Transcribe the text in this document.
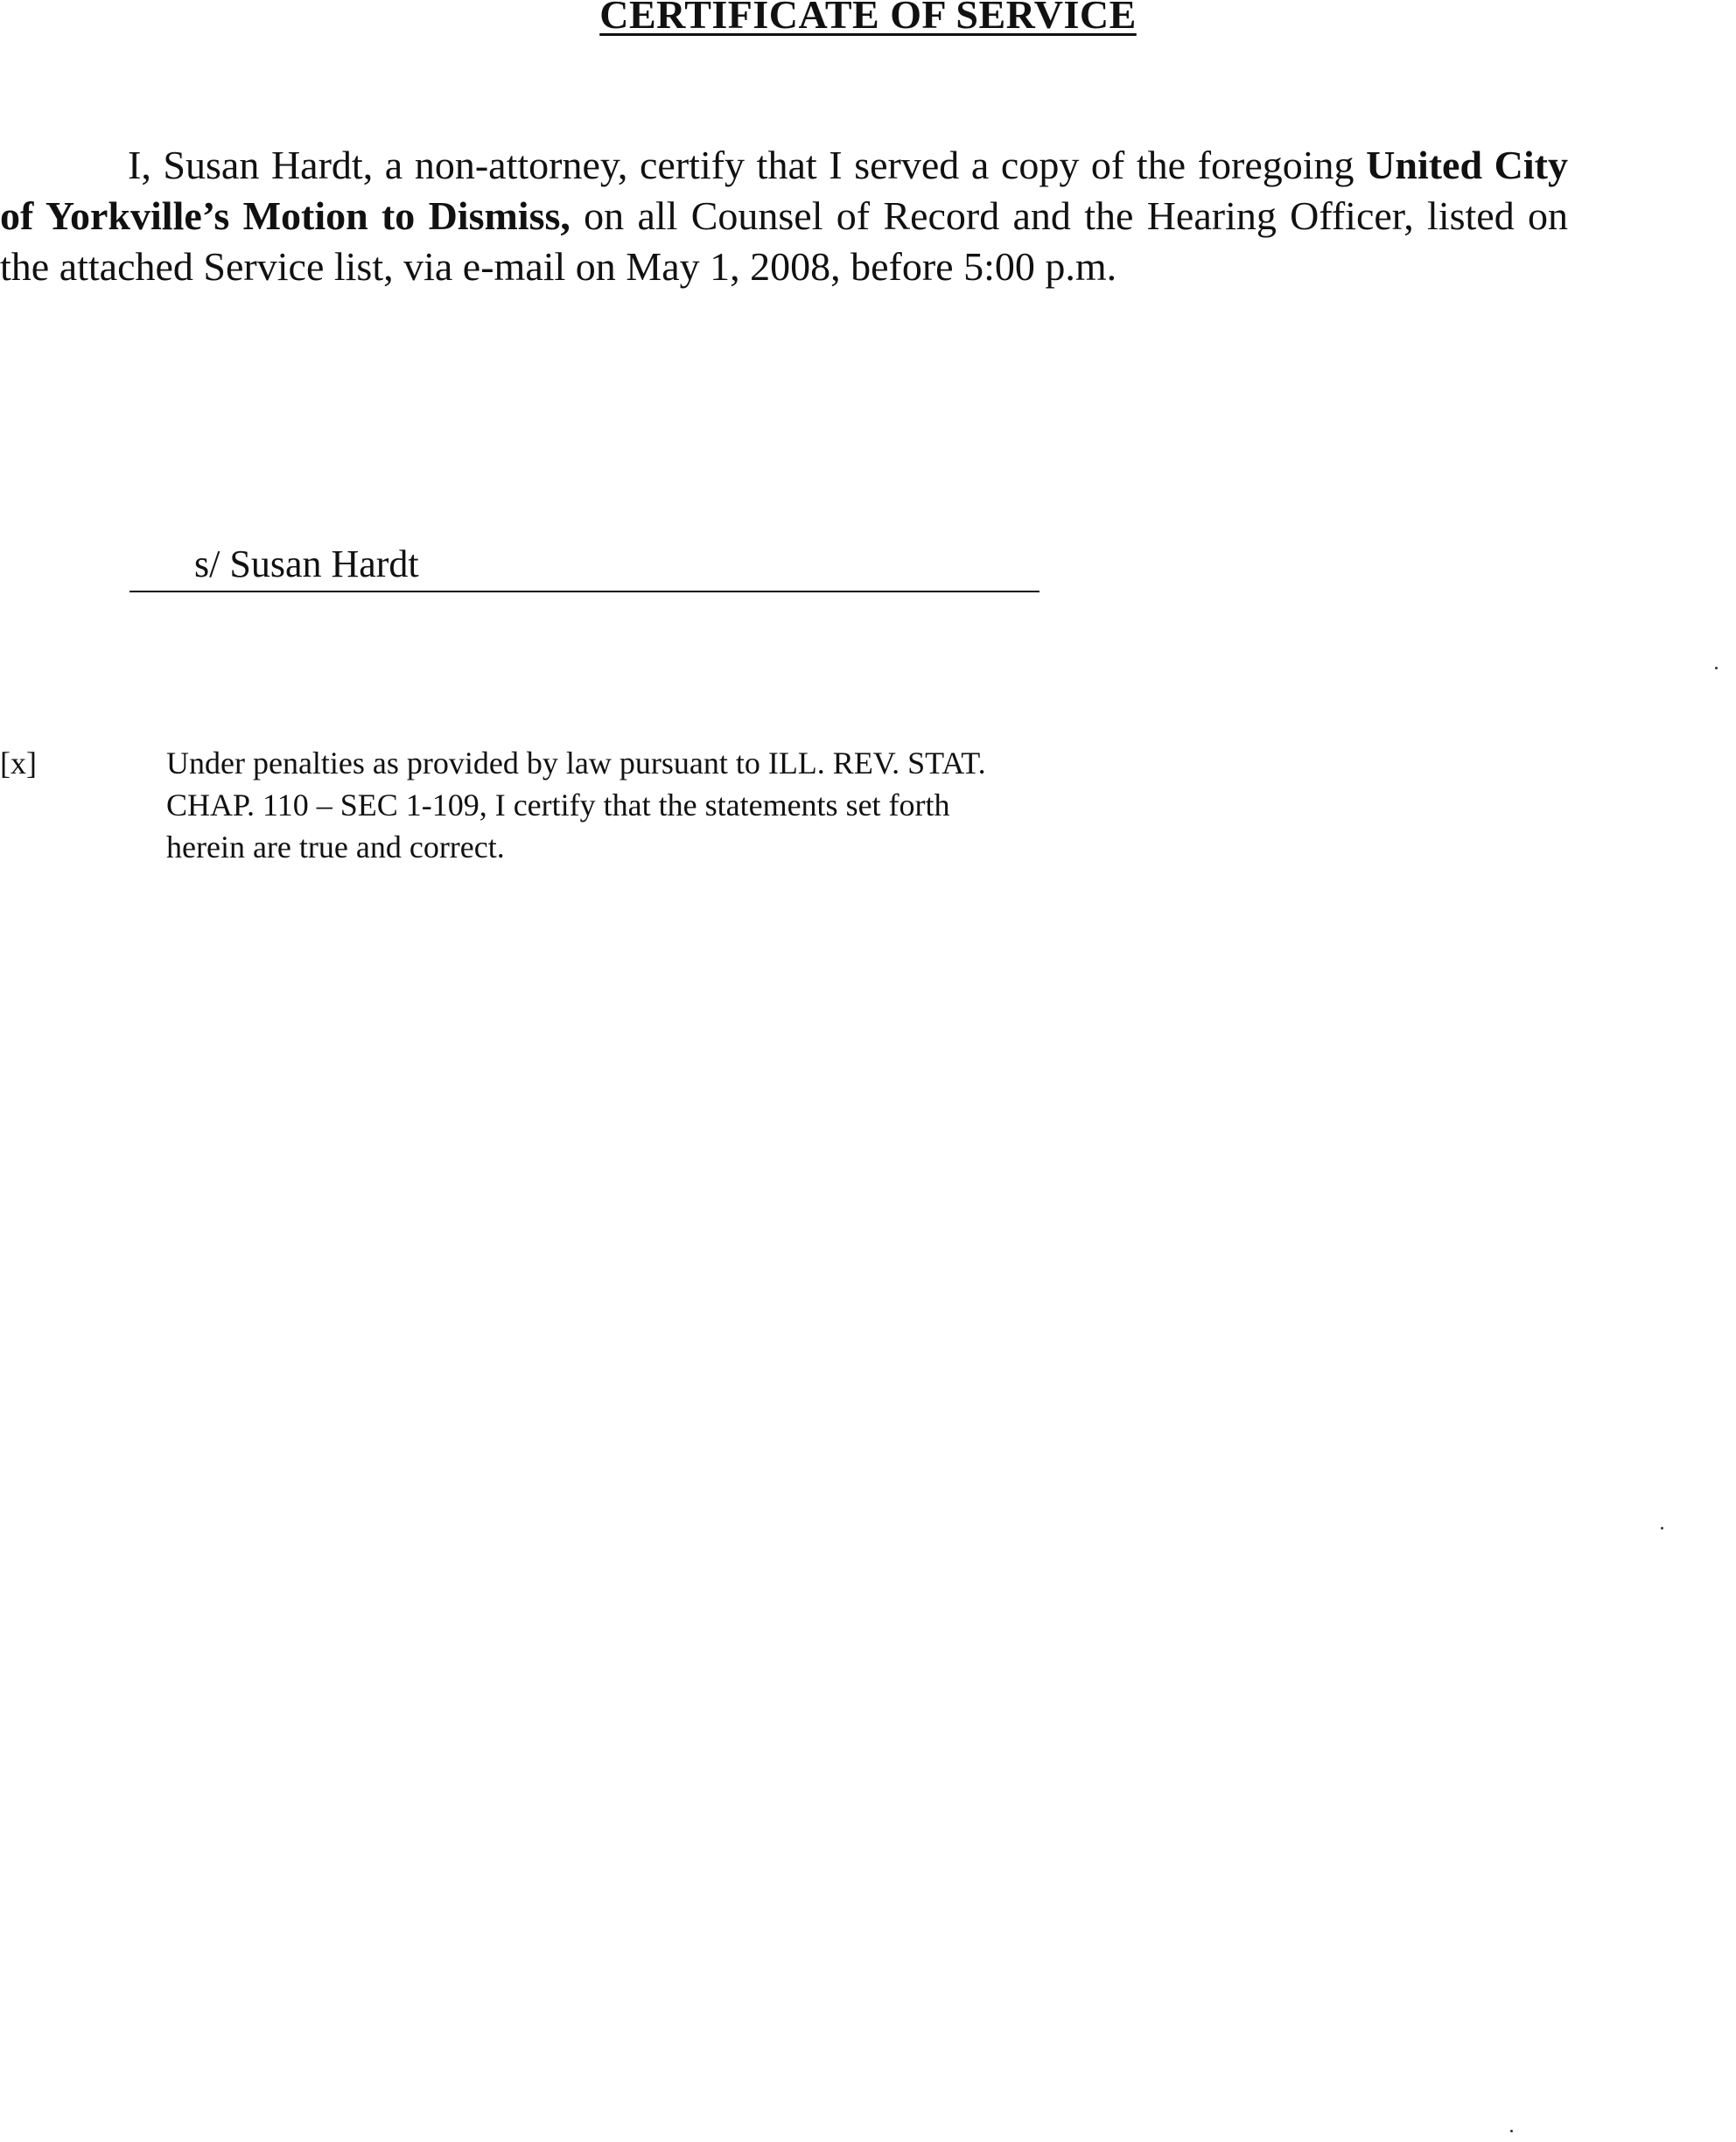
CERTIFICATE OF SERVICE
I, Susan Hardt, a non-attorney, certify that I served a copy of the foregoing United City of Yorkville’s Motion to Dismiss, on all Counsel of Record and the Hearing Officer, listed on the attached Service list, via e-mail on May 1, 2008, before 5:00 p.m.
s/ Susan Hardt
[x]	Under penalties as provided by law pursuant to ILL. REV. STAT.
CHAP. 110 – SEC 1-109, I certify that the statements set forth
herein are true and correct.
